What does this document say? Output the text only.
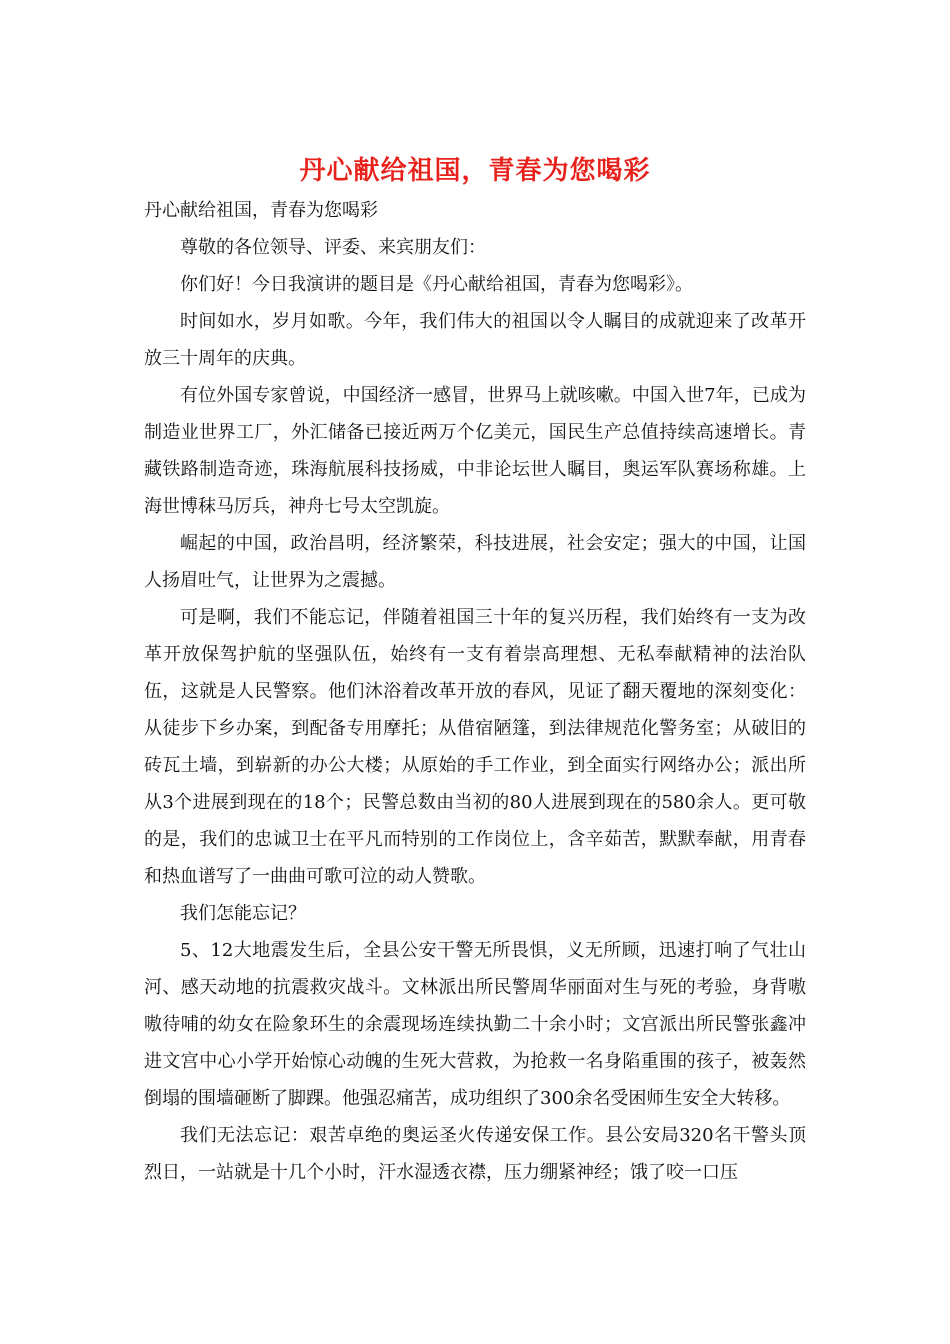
丹心献给祖国，青春为您喝彩

丹心献给祖国，青春为您喝彩

尊敬的各位领导、评委、来宾朋友们：

你们好！今日我演讲的题目是《丹心献给祖国，青春为您喝彩》。

时间如水，岁月如歌。今年，我们伟大的祖国以令人瞩目的成就迎来了改革开放三十周年的庆典。

有位外国专家曾说，中国经济一感冒，世界马上就咳嗽。中国入世7年，已成为制造业世界工厂，外汇储备已接近两万个亿美元，国民生产总值持续高速增长。青藏铁路制造奇迹，珠海航展科技扬威，中非论坛世人瞩目，奥运军队赛场称雄。上海世博秣马厉兵，神舟七号太空凯旋。

崛起的中国，政治昌明，经济繁荣，科技进展，社会安定；强大的中国，让国人扬眉吐气，让世界为之震撼。

可是啊，我们不能忘记，伴随着祖国三十年的复兴历程，我们始终有一支为改革开放保驾护航的坚强队伍，始终有一支有着崇高理想、无私奉献精神的法治队伍，这就是人民警察。他们沐浴着改革开放的春风，见证了翻天覆地的深刻变化：从徒步下乡办案，到配备专用摩托；从借宿陋篷，到法律规范化警务室；从破旧的砖瓦土墙，到崭新的办公大楼；从原始的手工作业，到全面实行网络办公；派出所从3个进展到现在的18个；民警总数由当初的80人进展到现在的580余人。更可敬的是，我们的忠诚卫士在平凡而特别的工作岗位上，含辛茹苦，默默奉献，用青春和热血谱写了一曲曲可歌可泣的动人赞歌。

我们怎能忘记？

5、12大地震发生后，全县公安干警无所畏惧，义无所顾，迅速打响了气壮山河、感天动地的抗震救灾战斗。文林派出所民警周华丽面对生与死的考验，身背嗷嗷待哺的幼女在险象环生的余震现场连续执勤二十余小时；文宫派出所民警张鑫冲进文宫中心小学开始惊心动魄的生死大营救，为抢救一名身陷重围的孩子，被轰然倒塌的围墙砸断了脚踝。他强忍痛苦，成功组织了300余名受困师生安全大转移。

我们无法忘记：艰苦卓绝的奥运圣火传递安保工作。县公安局320名干警头顶烈日，一站就是十几个小时，汗水湿透衣襟，压力绷紧神经；饿了咬一口压
